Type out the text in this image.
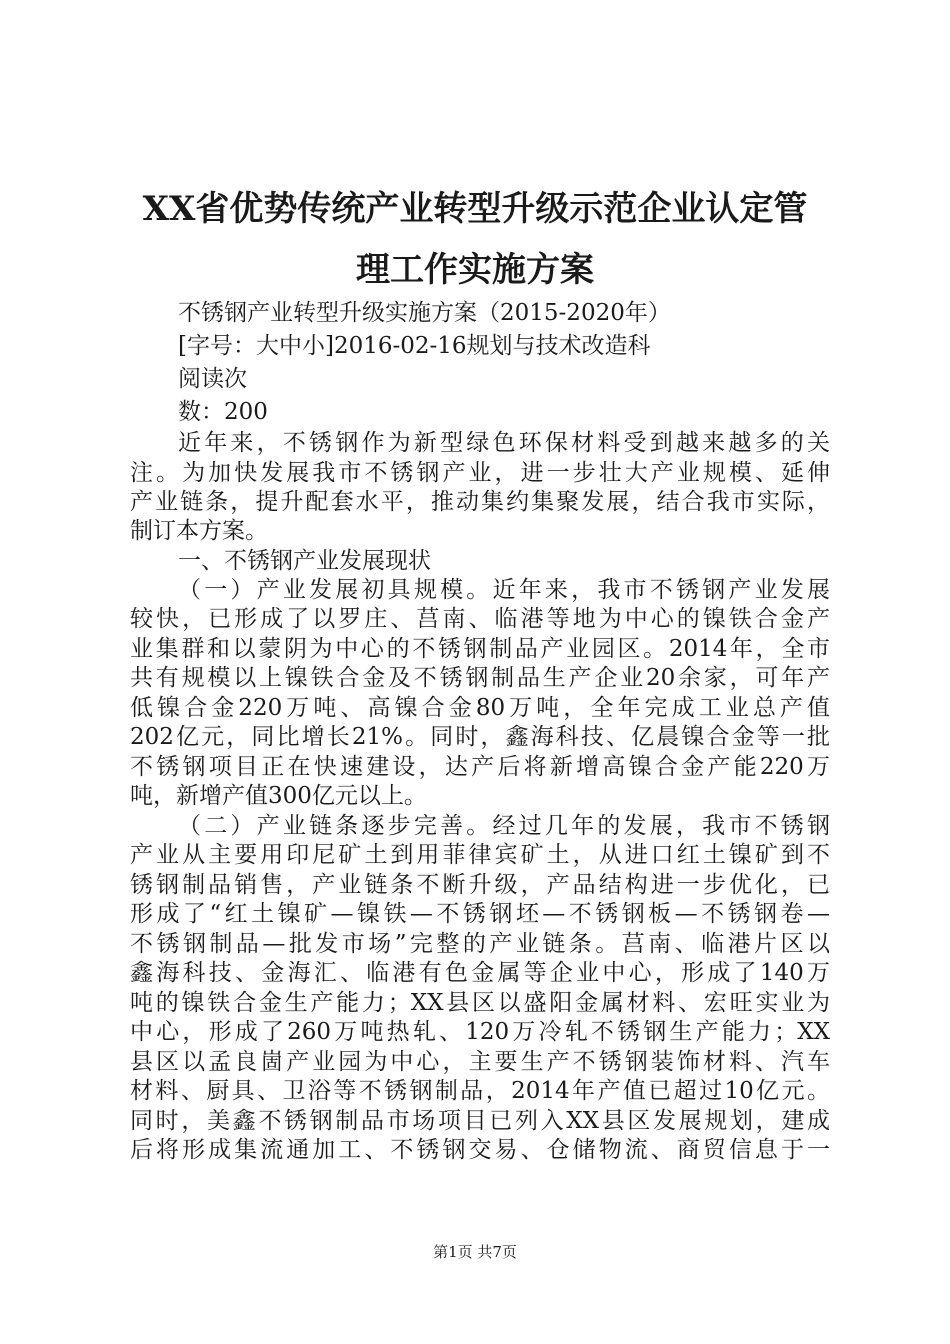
XX省优势传统产业转型升级示范企业认定管
理工作实施方案
不锈钢产业转型升级实施方案（2015-2020年）
[字号：大中小]2016-02-16规划与技术改造科
阅读次
数：200
近年来，不锈钢作为新型绿色环保材料受到越来越多的关
注。为加快发展我市不锈钢产业，进一步壮大产业规模、延伸
产业链条，提升配套水平，推动集约集聚发展，结合我市实际，
制订本方案。
一、不锈钢产业发展现状
（一）产业发展初具规模。近年来，我市不锈钢产业发展
较快，已形成了以罗庄、莒南、临港等地为中心的镍铁合金产
业集群和以蒙阴为中心的不锈钢制品产业园区。2014年，全市
共有规模以上镍铁合金及不锈钢制品生产企业20余家，可年产
低镍合金220万吨、高镍合金80万吨，全年完成工业总产值
202亿元，同比增长21%。同时，鑫海科技、亿晨镍合金等一批
不锈钢项目正在快速建设，达产后将新增高镍合金产能220万
吨，新增产值300亿元以上。
（二）产业链条逐步完善。经过几年的发展，我市不锈钢
产业从主要用印尼矿土到用菲律宾矿土，从进口红土镍矿到不
锈钢制品销售，产业链条不断升级，产品结构进一步优化，已
形成了“红土镍矿—镍铁—不锈钢坯—不锈钢板—不锈钢卷—
不锈钢制品—批发市场”完整的产业链条。莒南、临港片区以
鑫海科技、金海汇、临港有色金属等企业中心，形成了140万
吨的镍铁合金生产能力；XX县区以盛阳金属材料、宏旺实业为
中心，形成了260万吨热轧、120万冷轧不锈钢生产能力；XX
县区以孟良崮产业园为中心，主要生产不锈钢装饰材料、汽车
材料、厨具、卫浴等不锈钢制品，2014年产值已超过10亿元。
同时，美鑫不锈钢制品市场项目已列入XX县区发展规划，建成
后将形成集流通加工、不锈钢交易、仓储物流、商贸信息于一
第1页 共7页
